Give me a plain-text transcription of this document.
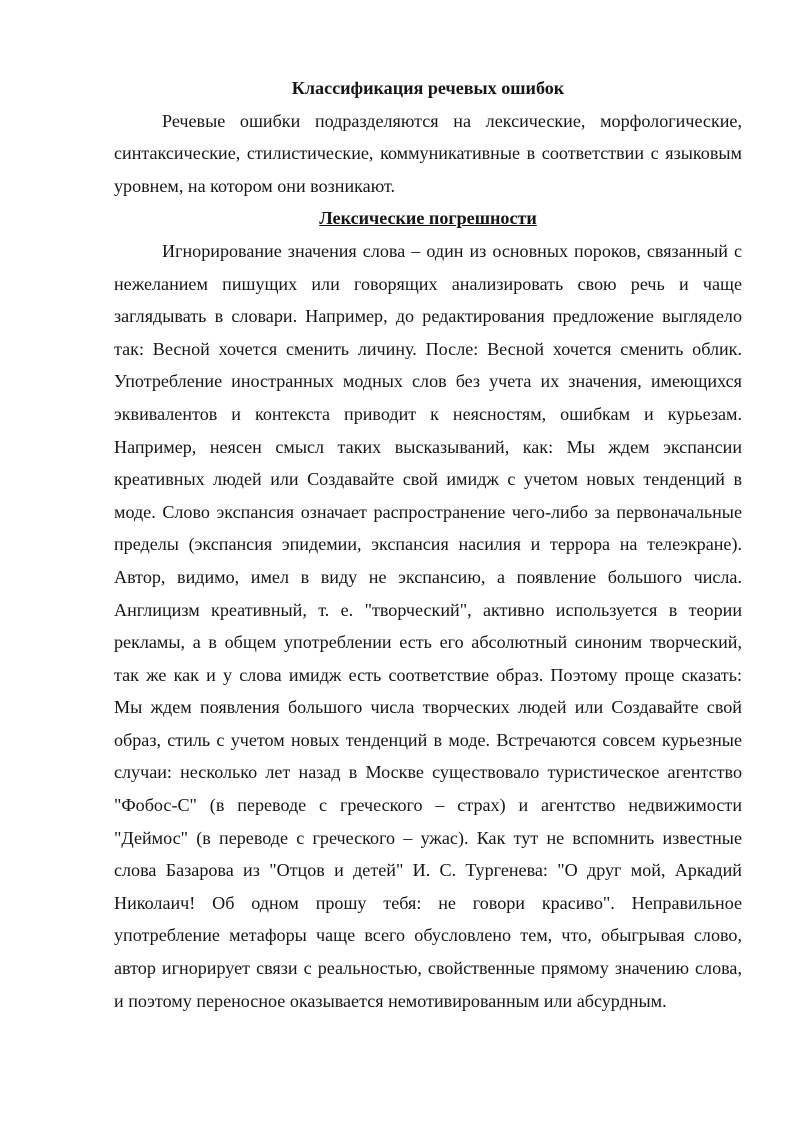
Классификация речевых ошибок

Речевые ошибки подразделяются на лексические, морфологические, синтаксические, стилистические, коммуникативные в соответствии с языковым уровнем, на котором они возникают.

Лексические погрешности

Игнорирование значения слова – один из основных пороков, связанный с нежеланием пишущих или говорящих анализировать свою речь и чаще заглядывать в словари. Например, до редактирования предложение выглядело так: Весной хочется сменить личину. После: Весной хочется сменить облик. Употребление иностранных модных слов без учета их значения, имеющихся эквивалентов и контекста приводит к неясностям, ошибкам и курьезам. Например, неясен смысл таких высказываний, как: Мы ждем экспансии креативных людей или Создавайте свой имидж с учетом новых тенденций в моде. Слово экспансия означает распространение чего-либо за первоначальные пределы (экспансия эпидемии, экспансия насилия и террора на телеэкране). Автор, видимо, имел в виду не экспансию, а появление большого числа. Англицизм креативный, т. е. "творческий", активно используется в теории рекламы, а в общем употреблении есть его абсолютный синоним творческий, так же как и у слова имидж есть соответствие образ. Поэтому проще сказать: Мы ждем появления большого числа творческих людей или Создавайте свой образ, стиль с учетом новых тенденций в моде. Встречаются совсем курьезные случаи: несколько лет назад в Москве существовало туристическое агентство "Фобос-С" (в переводе с греческого – страх) и агентство недвижимости "Деймос" (в переводе с греческого – ужас). Как тут не вспомнить известные слова Базарова из "Отцов и детей" И. С. Тургенева: "О друг мой, Аркадий Николаич! Об одном прошу тебя: не говори красиво". Неправильное употребление метафоры чаще всего обусловлено тем, что, обыгрывая слово, автор игнорирует связи с реальностью, свойственные прямому значению слова, и поэтому переносное оказывается немотивированным или абсурдным.
